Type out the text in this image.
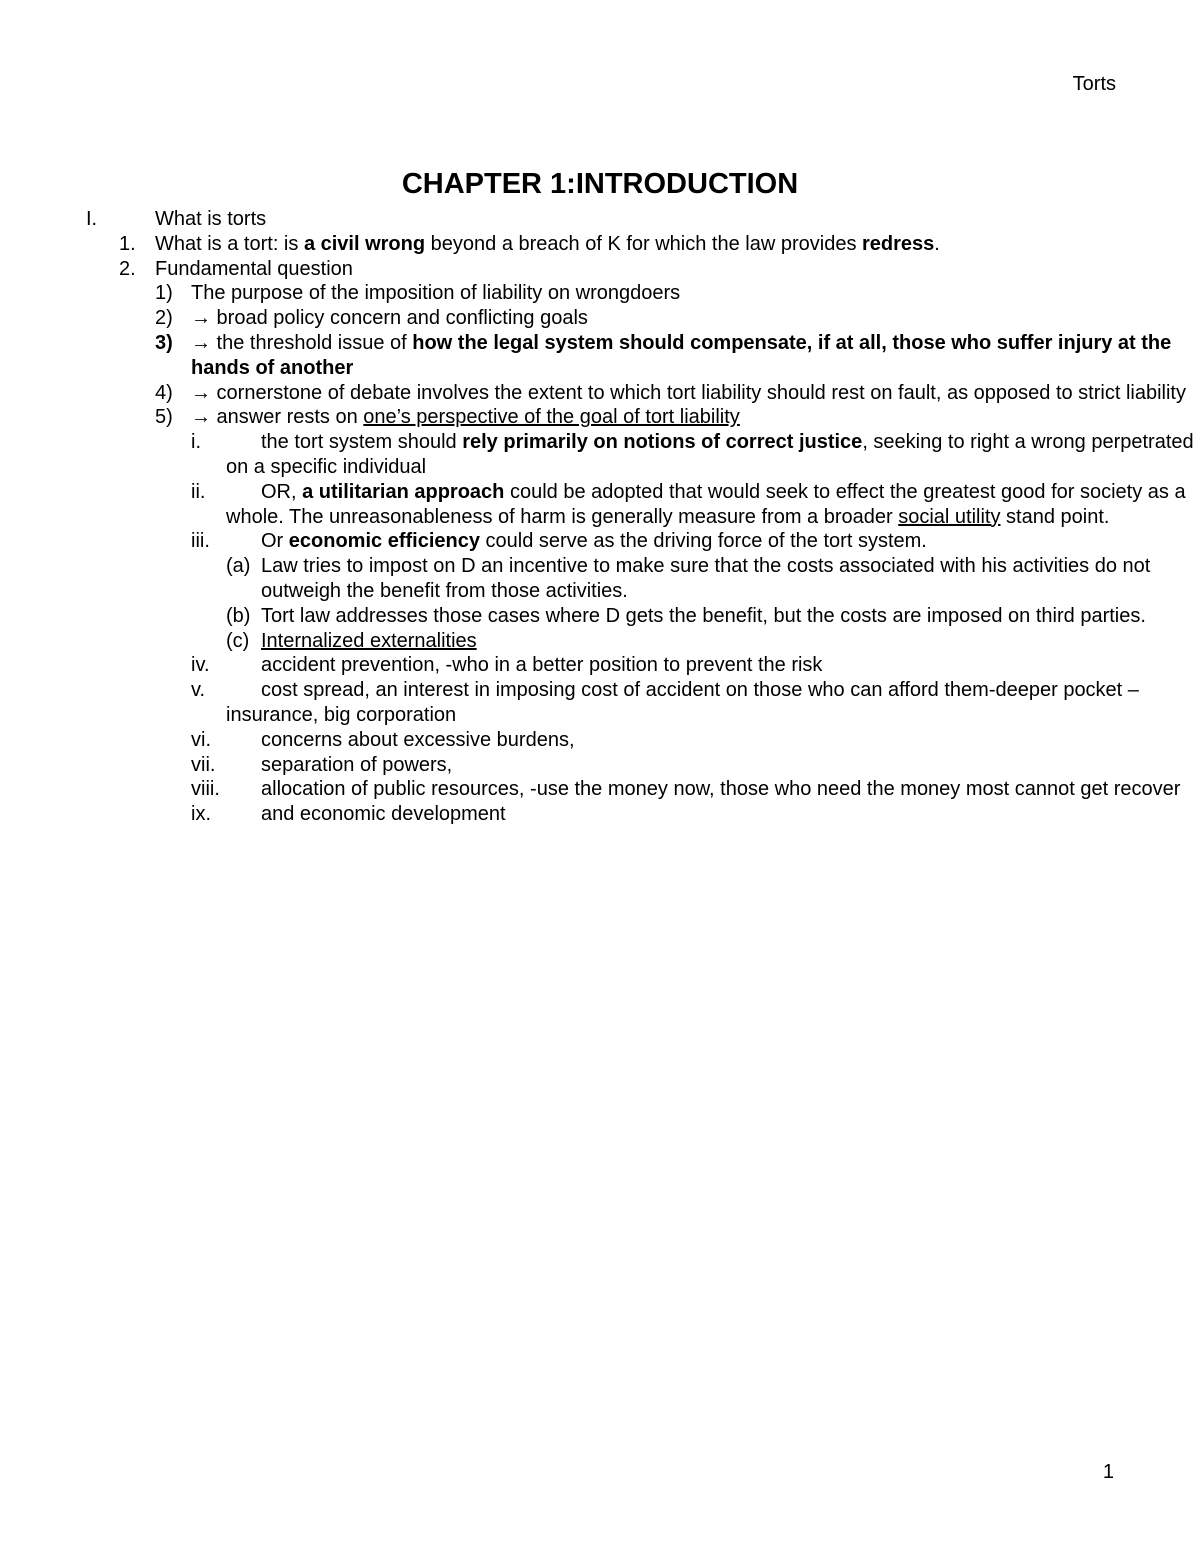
Torts
CHAPTER 1:INTRODUCTION
I.	What is torts
1. What is a tort: is a civil wrong beyond a breach of K for which the law provides redress.
2. Fundamental question
1) The purpose of the imposition of liability on wrongdoers
2) → broad policy concern and conflicting goals
3) → the threshold issue of how the legal system should compensate, if at all, those who suffer injury at the hands of another
4) → cornerstone of debate involves the extent to which tort liability should rest on fault, as opposed to strict liability
5) → answer rests on one’s perspective of the goal of tort liability
i.	the tort system should rely primarily on notions of correct justice, seeking to right a wrong perpetrated on a specific individual
ii.	OR, a utilitarian approach could be adopted that would seek to effect the greatest good for society as a whole. The unreasonableness of harm is generally measure from a broader social utility stand point.
iii.	Or economic efficiency could serve as the driving force of the tort system.
(a) Law tries to impost on D an incentive to make sure that the costs associated with his activities do not outweigh the benefit from those activities.
(b) Tort law addresses those cases where D gets the benefit, but the costs are imposed on third parties.
(c) Internalized externalities
iv.	accident prevention, -who in a better position to prevent the risk
v.	cost spread, an interest in imposing cost of accident on those who can afford them-deeper pocket –insurance, big corporation
vi.	concerns about excessive burdens,
vii. separation of powers,
viii. allocation of public resources, -use the money now, those who need the money most cannot get recover
ix.	and economic development
1
